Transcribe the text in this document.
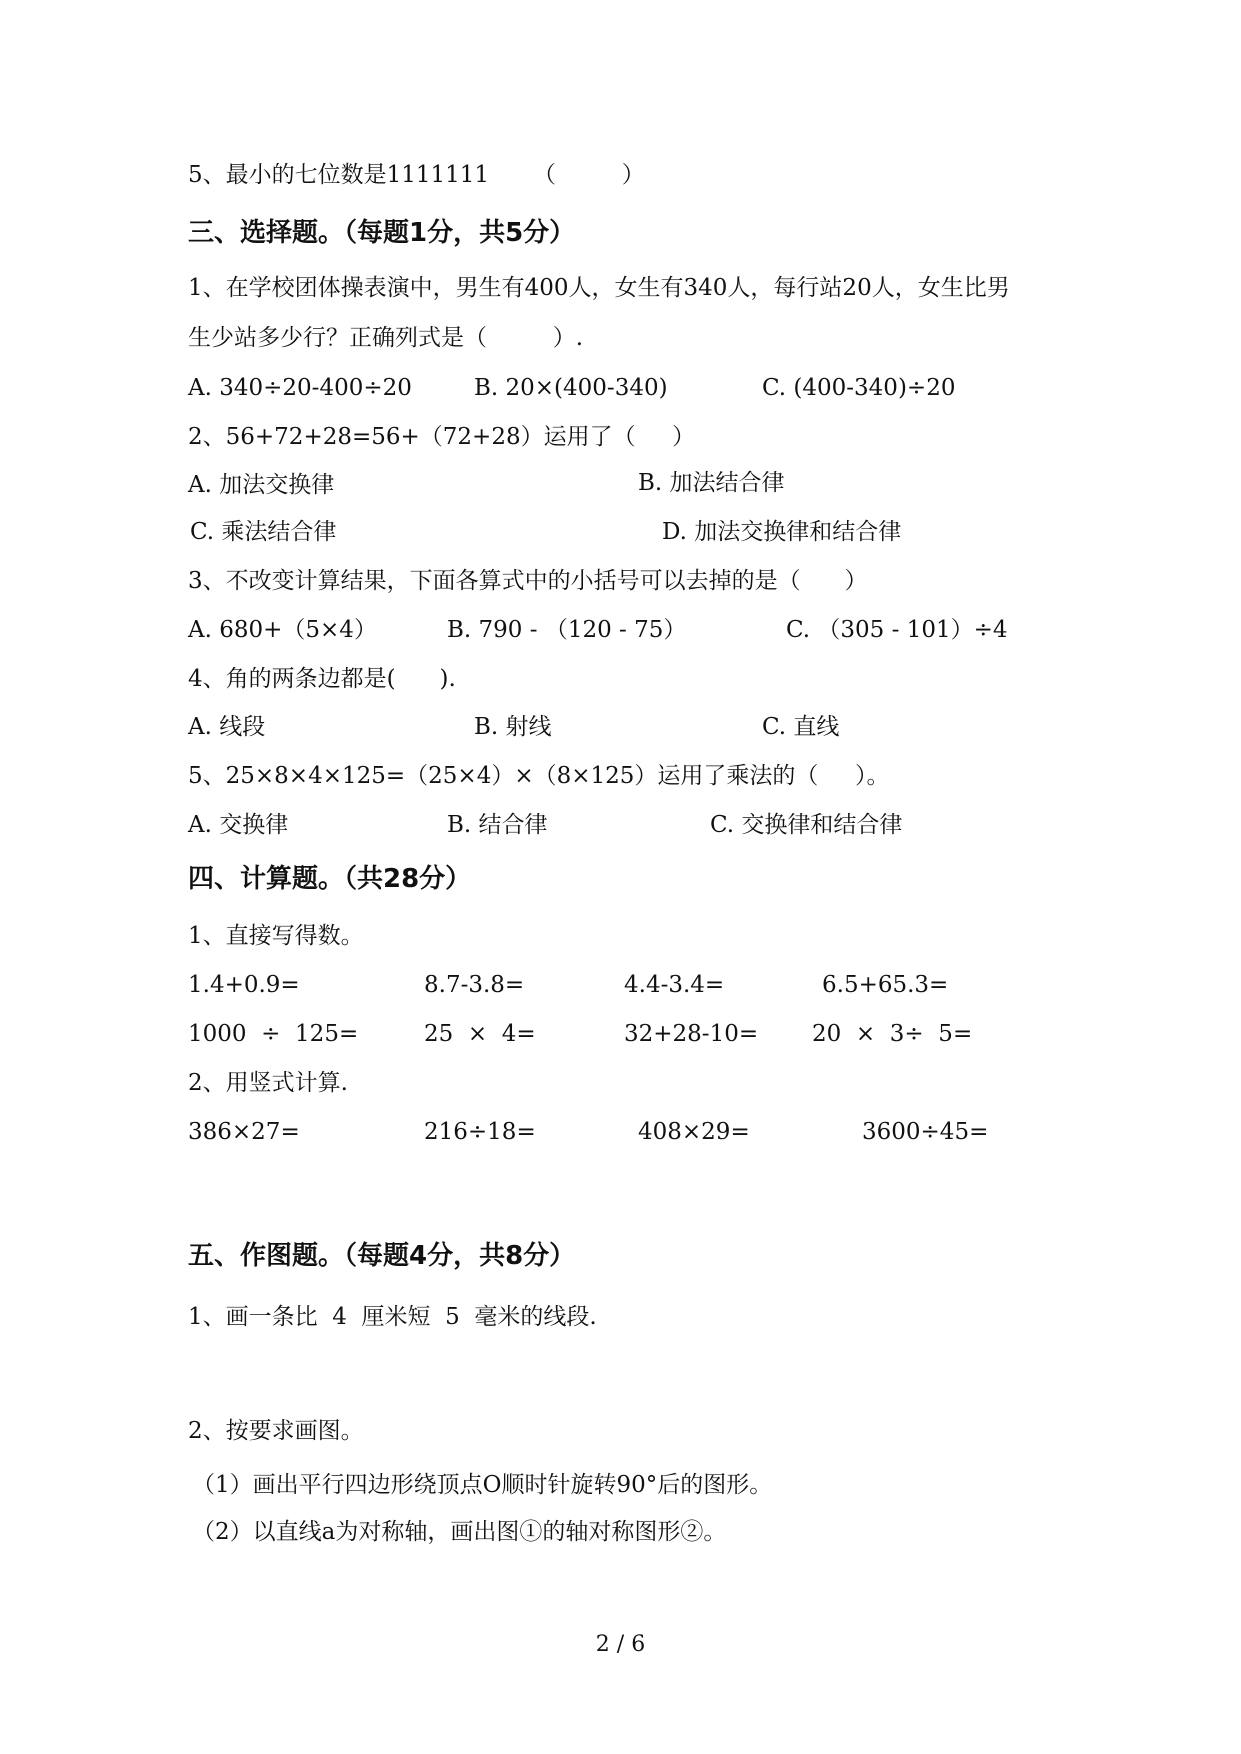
5、最小的七位数是1111111      （         ）
三、选择题。（每题1分，共5分）
1、在学校团体操表演中，男生有400人，女生有340人，每行站20人，女生比男
生少站多少行？正确列式是（         ）.
A. 340÷20-400÷20	B. 20×(400-340)	C. (400-340)÷20
2、56+72+28=56+（72+28）运用了（     ）
A. 加法交换律	B. 加法结合律
C. 乘法结合律	D. 加法交换律和结合律
3、不改变计算结果，下面各算式中的小括号可以去掉的是（      ）
A. 680+（5×4）	B. 790 - （120 - 75）	C. （305 - 101）÷4
4、角的两条边都是(      ).
A. 线段	B. 射线	C. 直线
5、25×8×4×125=（25×4）×（8×125）运用了乘法的（     ）。
A. 交换律	B. 结合律	C. 交换律和结合律
四、计算题。（共28分）
1、直接写得数。
1.4+0.9=	8.7-3.8=	4.4-3.4=	6.5+65.3=
1000  ÷  125=	25  ×  4=	32+28-10= 20  ×  3÷  5=
2、用竖式计算.
386×27=	216÷18=	408×29=	3600÷45=
五、作图题。（每题4分，共8分）
1、画一条比  4  厘米短  5  毫米的线段.
2、按要求画图。
（1）画出平行四边形绕顶点O顺时针旋转90°后的图形。
（2）以直线a为对称轴，画出图①的轴对称图形②。
2 / 6
